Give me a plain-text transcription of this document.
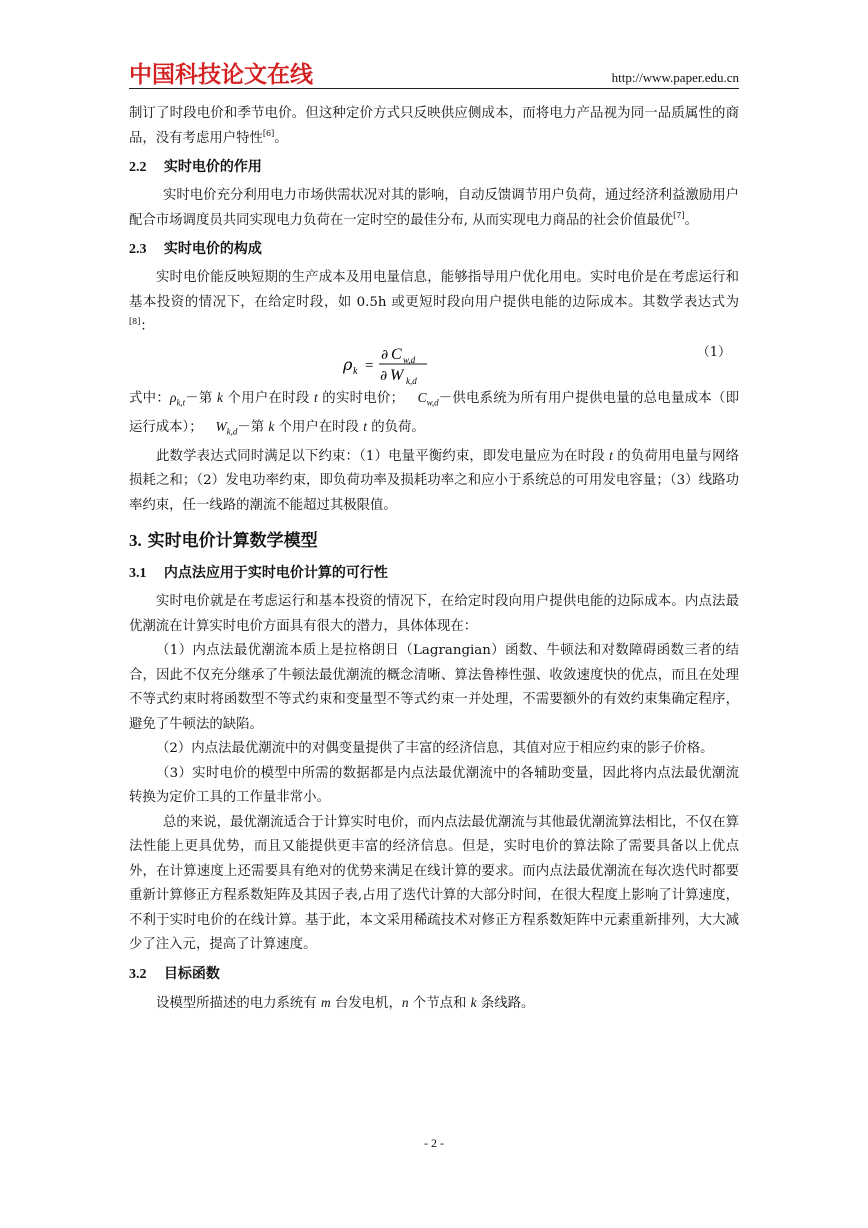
中国科技论文在线	http://www.paper.edu.cn

制订了时段电价和季节电价。但这种定价方式只反映供应侧成本，而将电力产品视为同一品质属性的商品，没有考虑用户特性[6]。

2.2 实时电价的作用

实时电价充分利用电力市场供需状况对其的影响，自动反馈调节用户负荷，通过经济利益激励用户配合市场调度员共同实现电力负荷在一定时空的最佳分布, 从而实现电力商品的社会价值最优[7]。

2.3 实时电价的构成

实时电价能反映短期的生产成本及用电量信息，能够指导用户优化用电。实时电价是在考虑运行和基本投资的情况下，在给定时段，如 0.5h 或更短时段向用户提供电能的边际成本。其数学表达式为[8]：

ρ k =
∂ C w,d
∂ W k,d
（1）

式中：$\rho_{k,t}-$第 k 个用户在时段 t 的实时电价； $C_{w,d}-$供电系统为所有用户提供电量的总电量成本（即运行成本）； $W_{k,d}-$第 k 个用户在时段 t 的负荷。

此数学表达式同时满足以下约束：（1）电量平衡约束，即发电量应为在时段 t 的负荷用电量与网络损耗之和；（2）发电功率约束，即负荷功率及损耗功率之和应小于系统总的可用发电容量；（3）线路功率约束，任一线路的潮流不能超过其极限值。

3. 实时电价计算数学模型
3.1 内点法应用于实时电价计算的可行性

实时电价就是在考虑运行和基本投资的情况下，在给定时段向用户提供电能的边际成本。内点法最优潮流在计算实时电价方面具有很大的潜力，具体体现在：

（1）内点法最优潮流本质上是拉格朗日（Lagrangian）函数、牛顿法和对数障碍函数三者的结合，因此不仅充分继承了牛顿法最优潮流的概念清晰、算法鲁棒性强、收敛速度快的优点，而且在处理不等式约束时将函数型不等式约束和变量型不等式约束一并处理，不需要额外的有效约束集确定程序，避免了牛顿法的缺陷。

（2）内点法最优潮流中的对偶变量提供了丰富的经济信息，其值对应于相应约束的影子价格。

（3）实时电价的模型中所需的数据都是内点法最优潮流中的各辅助变量，因此将内点法最优潮流转换为定价工具的工作量非常小。

总的来说，最优潮流适合于计算实时电价，而内点法最优潮流与其他最优潮流算法相比，不仅在算法性能上更具优势，而且又能提供更丰富的经济信息。但是，实时电价的算法除了需要具备以上优点外，在计算速度上还需要具有绝对的优势来满足在线计算的要求。而内点法最优潮流在每次迭代时都要重新计算修正方程系数矩阵及其因子表,占用了迭代计算的大部分时间，在很大程度上影响了计算速度，不利于实时电价的在线计算。基于此，本文采用稀疏技术对修正方程系数矩阵中元素重新排列，大大减少了注入元，提高了计算速度。

3.2 目标函数

设模型所描述的电力系统有 m 台发电机，n 个节点和 k 条线路。

- 2 -
